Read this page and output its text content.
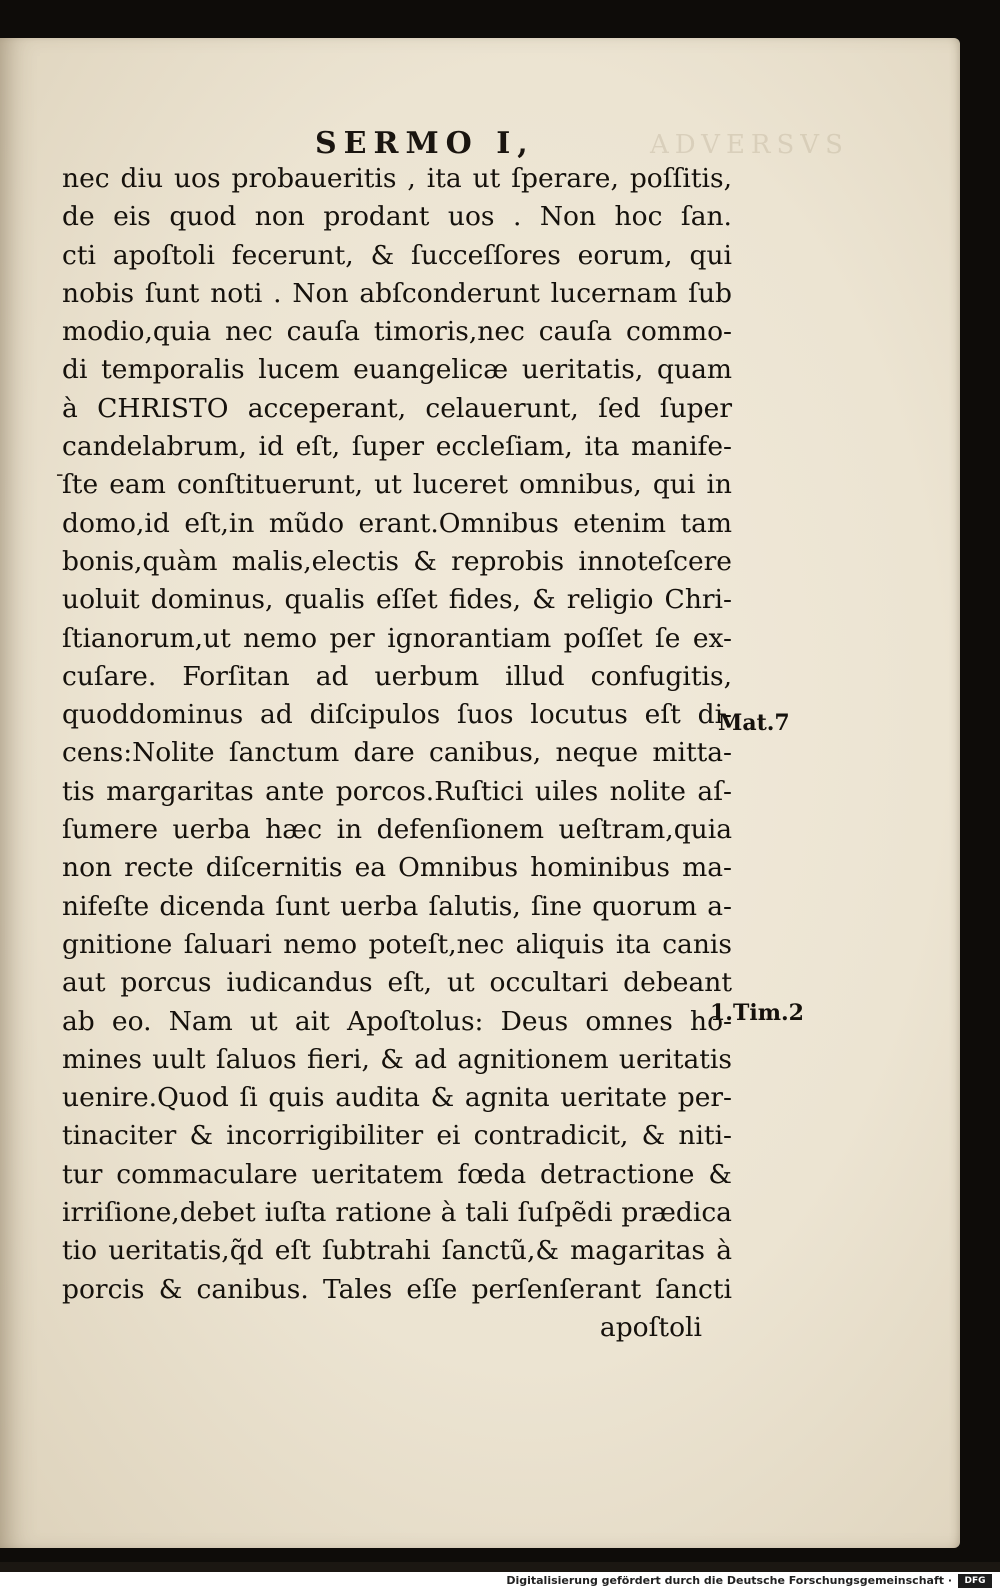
ADVERSVS
SERMO I,
-
nec diu uos probaueritis , ita ut ſperare, poſſitis,
de eis quod non prodant uos . Non hoc ſan.
cti apoſtoli fecerunt, & ſucceſſores eorum, qui
nobis ſunt noti . Non abſconderunt lucernam ſub
modio,quia nec cauſa timoris,nec cauſa commo-
di temporalis lucem euangelicæ ueritatis, quam
à CHRISTO acceperant, celauerunt, ſed ſuper
candelabrum, id eſt, ſuper eccleſiam, ita manife-
ſte eam conſtituerunt, ut luceret omnibus, qui in
domo,id eſt,in mũdo erant.Omnibus etenim tam
bonis,quàm malis,electis & reprobis innoteſcere
uoluit dominus, qualis eſſet fides, & religio Chri-
ſtianorum,ut nemo per ignorantiam poſſet ſe ex-
cuſare. Forſitan ad uerbum illud confugitis,
quoddominus ad diſcipulos ſuos locutus eſt di-
cens:Nolite ſanctum dare canibus, neque mitta-
tis margaritas ante porcos.Ruſtici uiles nolite aſ-
ſumere uerba hæc in defenſionem ueſtram,quia
non recte diſcernitis ea Omnibus hominibus ma-
nifeſte dicenda ſunt uerba ſalutis, ſine quorum a-
gnitione ſaluari nemo poteſt,nec aliquis ita canis
aut porcus iudicandus eſt, ut occultari debeant
ab eo. Nam ut ait Apoſtolus: Deus omnes ho-
mines uult ſaluos fieri, & ad agnitionem ueritatis
uenire.Quod ſi quis audita & agnita ueritate per-
tinaciter & incorrigibiliter ei contradicit, & niti-
tur commaculare ueritatem fœda detractione &
irriſione,debet iuſta ratione à tali ſuſpẽdi prædica
tio ueritatis,q̃d eſt ſubtrahi ſanctũ,& magaritas à
porcis & canibus. Tales eſſe perſenſerant ſancti
apoſtoli
Mat.7
1.Tim.2
Digitalisierung gefördert durch die Deutsche Forschungsgemeinschaft ·	DFG
